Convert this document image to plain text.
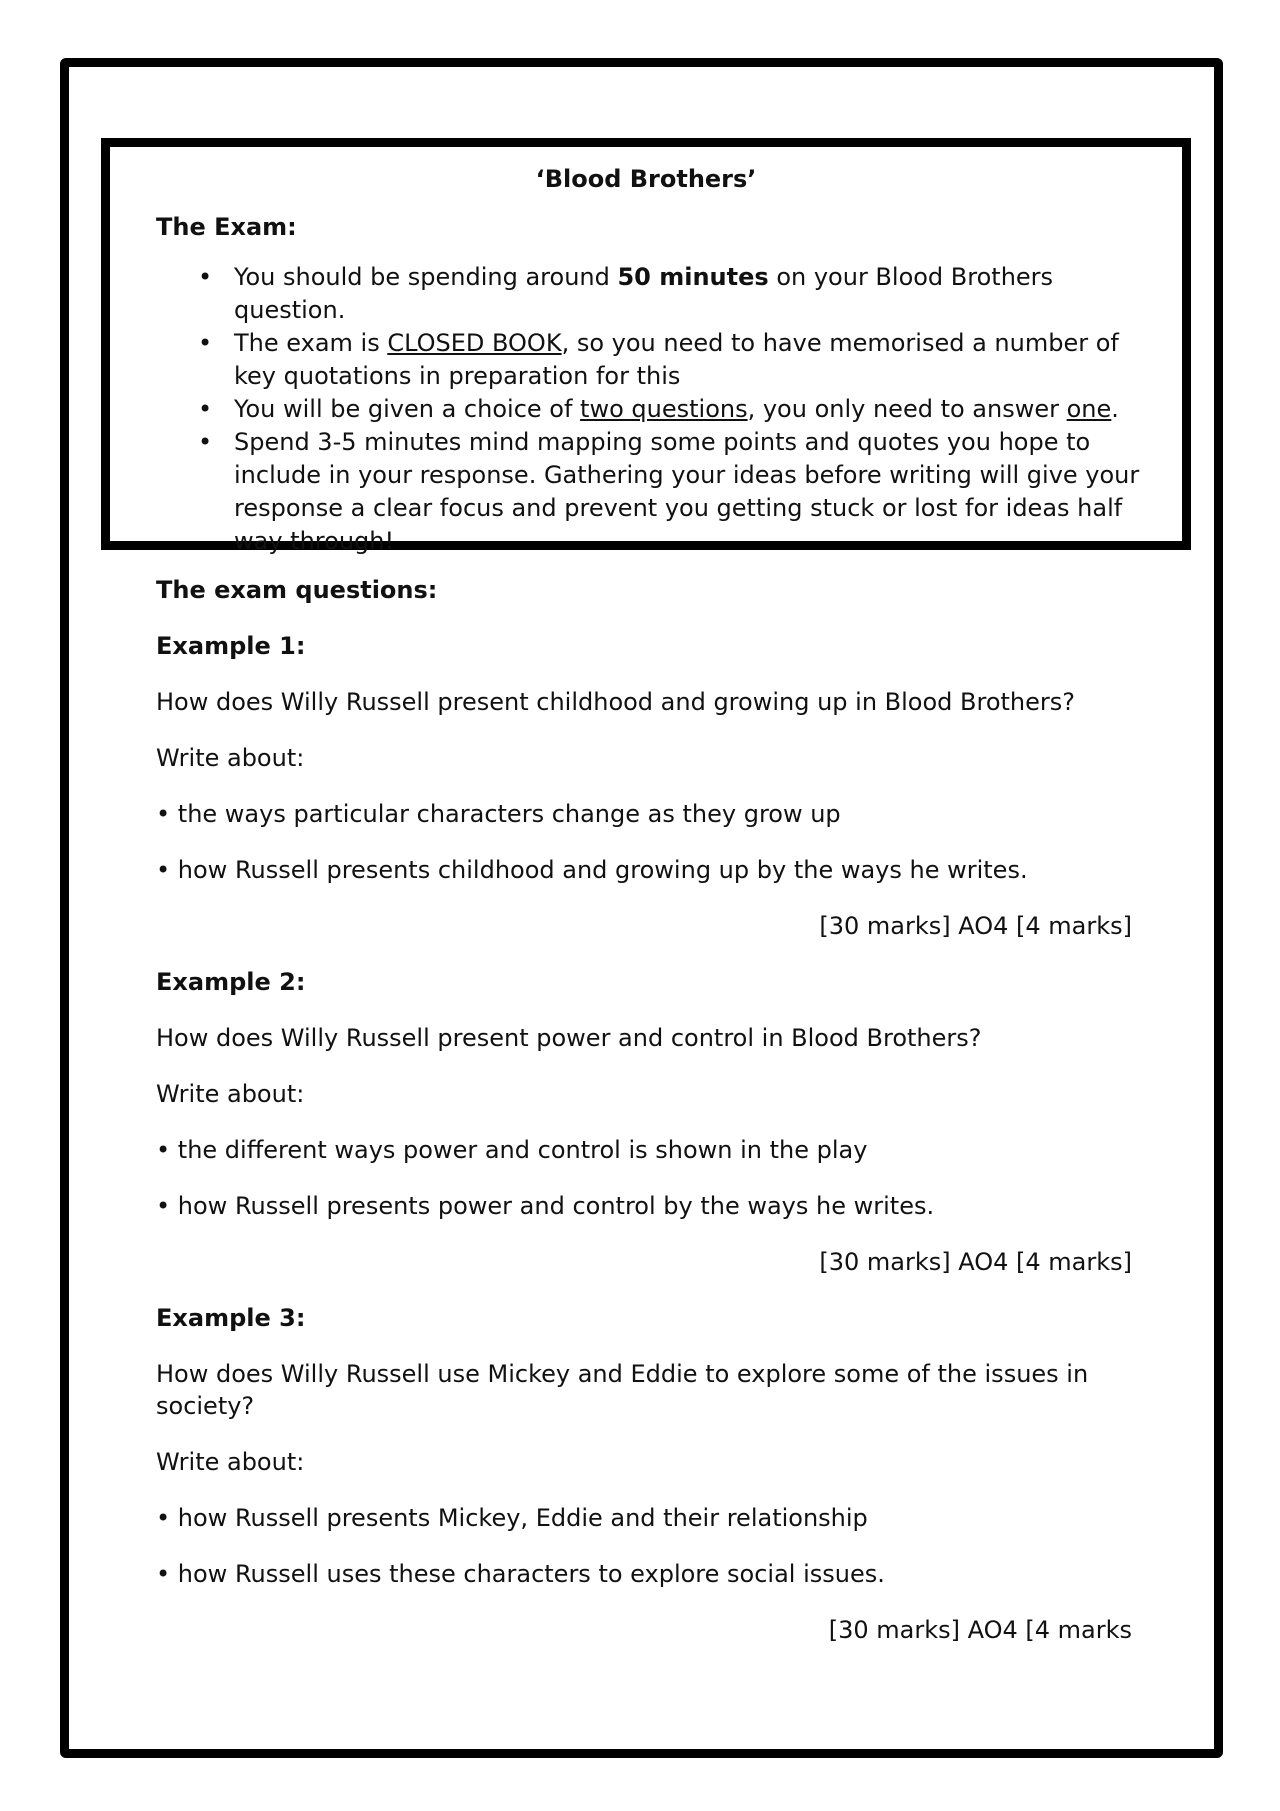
‘Blood Brothers’
The Exam:
• You should be spending around 50 minutes on your Blood Brothers question.
• The exam is CLOSED BOOK, so you need to have memorised a number of key quotations in preparation for this
• You will be given a choice of two questions, you only need to answer one.
• Spend 3-5 minutes mind mapping some points and quotes you hope to include in your response. Gathering your ideas before writing will give your response a clear focus and prevent you getting stuck or lost for ideas half way through!
The exam questions:
Example 1:
How does Willy Russell present childhood and growing up in Blood Brothers?
Write about:
• the ways particular characters change as they grow up
• how Russell presents childhood and growing up by the ways he writes.
[30 marks] AO4 [4 marks]
Example 2:
How does Willy Russell present power and control in Blood Brothers?
Write about:
• the different ways power and control is shown in the play
• how Russell presents power and control by the ways he writes.
[30 marks] AO4 [4 marks]
Example 3:
How does Willy Russell use Mickey and Eddie to explore some of the issues in society?
Write about:
• how Russell presents Mickey, Eddie and their relationship
• how Russell uses these characters to explore social issues.
[30 marks] AO4 [4 marks
